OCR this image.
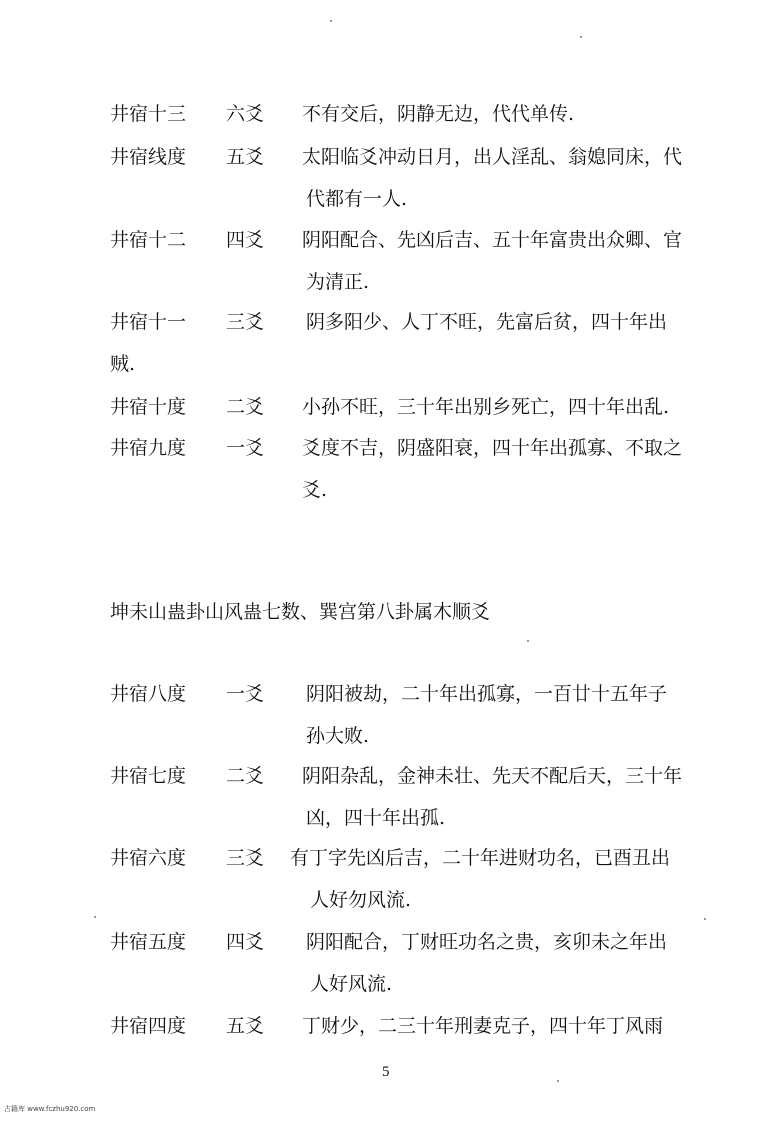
井宿十三 六爻 不有交后，阴静无边，代代单传.
井宿线度 五爻 太阳临爻冲动日月，出人淫乱、翁媳同床，代
代都有一人.
井宿十二 四爻 阴阳配合、先凶后吉、五十年富贵出众卿、官
为清正.
井宿十一 三爻 阴多阳少、人丁不旺，先富后贫，四十年出
贼.
井宿十度 二爻 小孙不旺，三十年出别乡死亡，四十年出乱.
井宿九度 一爻 爻度不吉，阴盛阳衰，四十年出孤寡、不取之
爻.
坤未山蛊卦山风蛊七数、巽宫第八卦属木顺爻
井宿八度 一爻 阴阳被劫，二十年出孤寡，一百廿十五年子
孙大败.
井宿七度 二爻 阴阳杂乱，金神未壮、先天不配后天，三十年
凶，四十年出孤.
井宿六度 三爻 有丁字先凶后吉，二十年进财功名，已酉丑出
人好勿风流.
井宿五度 四爻 阴阳配合，丁财旺功名之贵，亥卯未之年出
人好风流.
井宿四度 五爻 丁财少，二三十年刑妻克子，四十年丁风雨
5
古籍库 www.fczhu920.com
